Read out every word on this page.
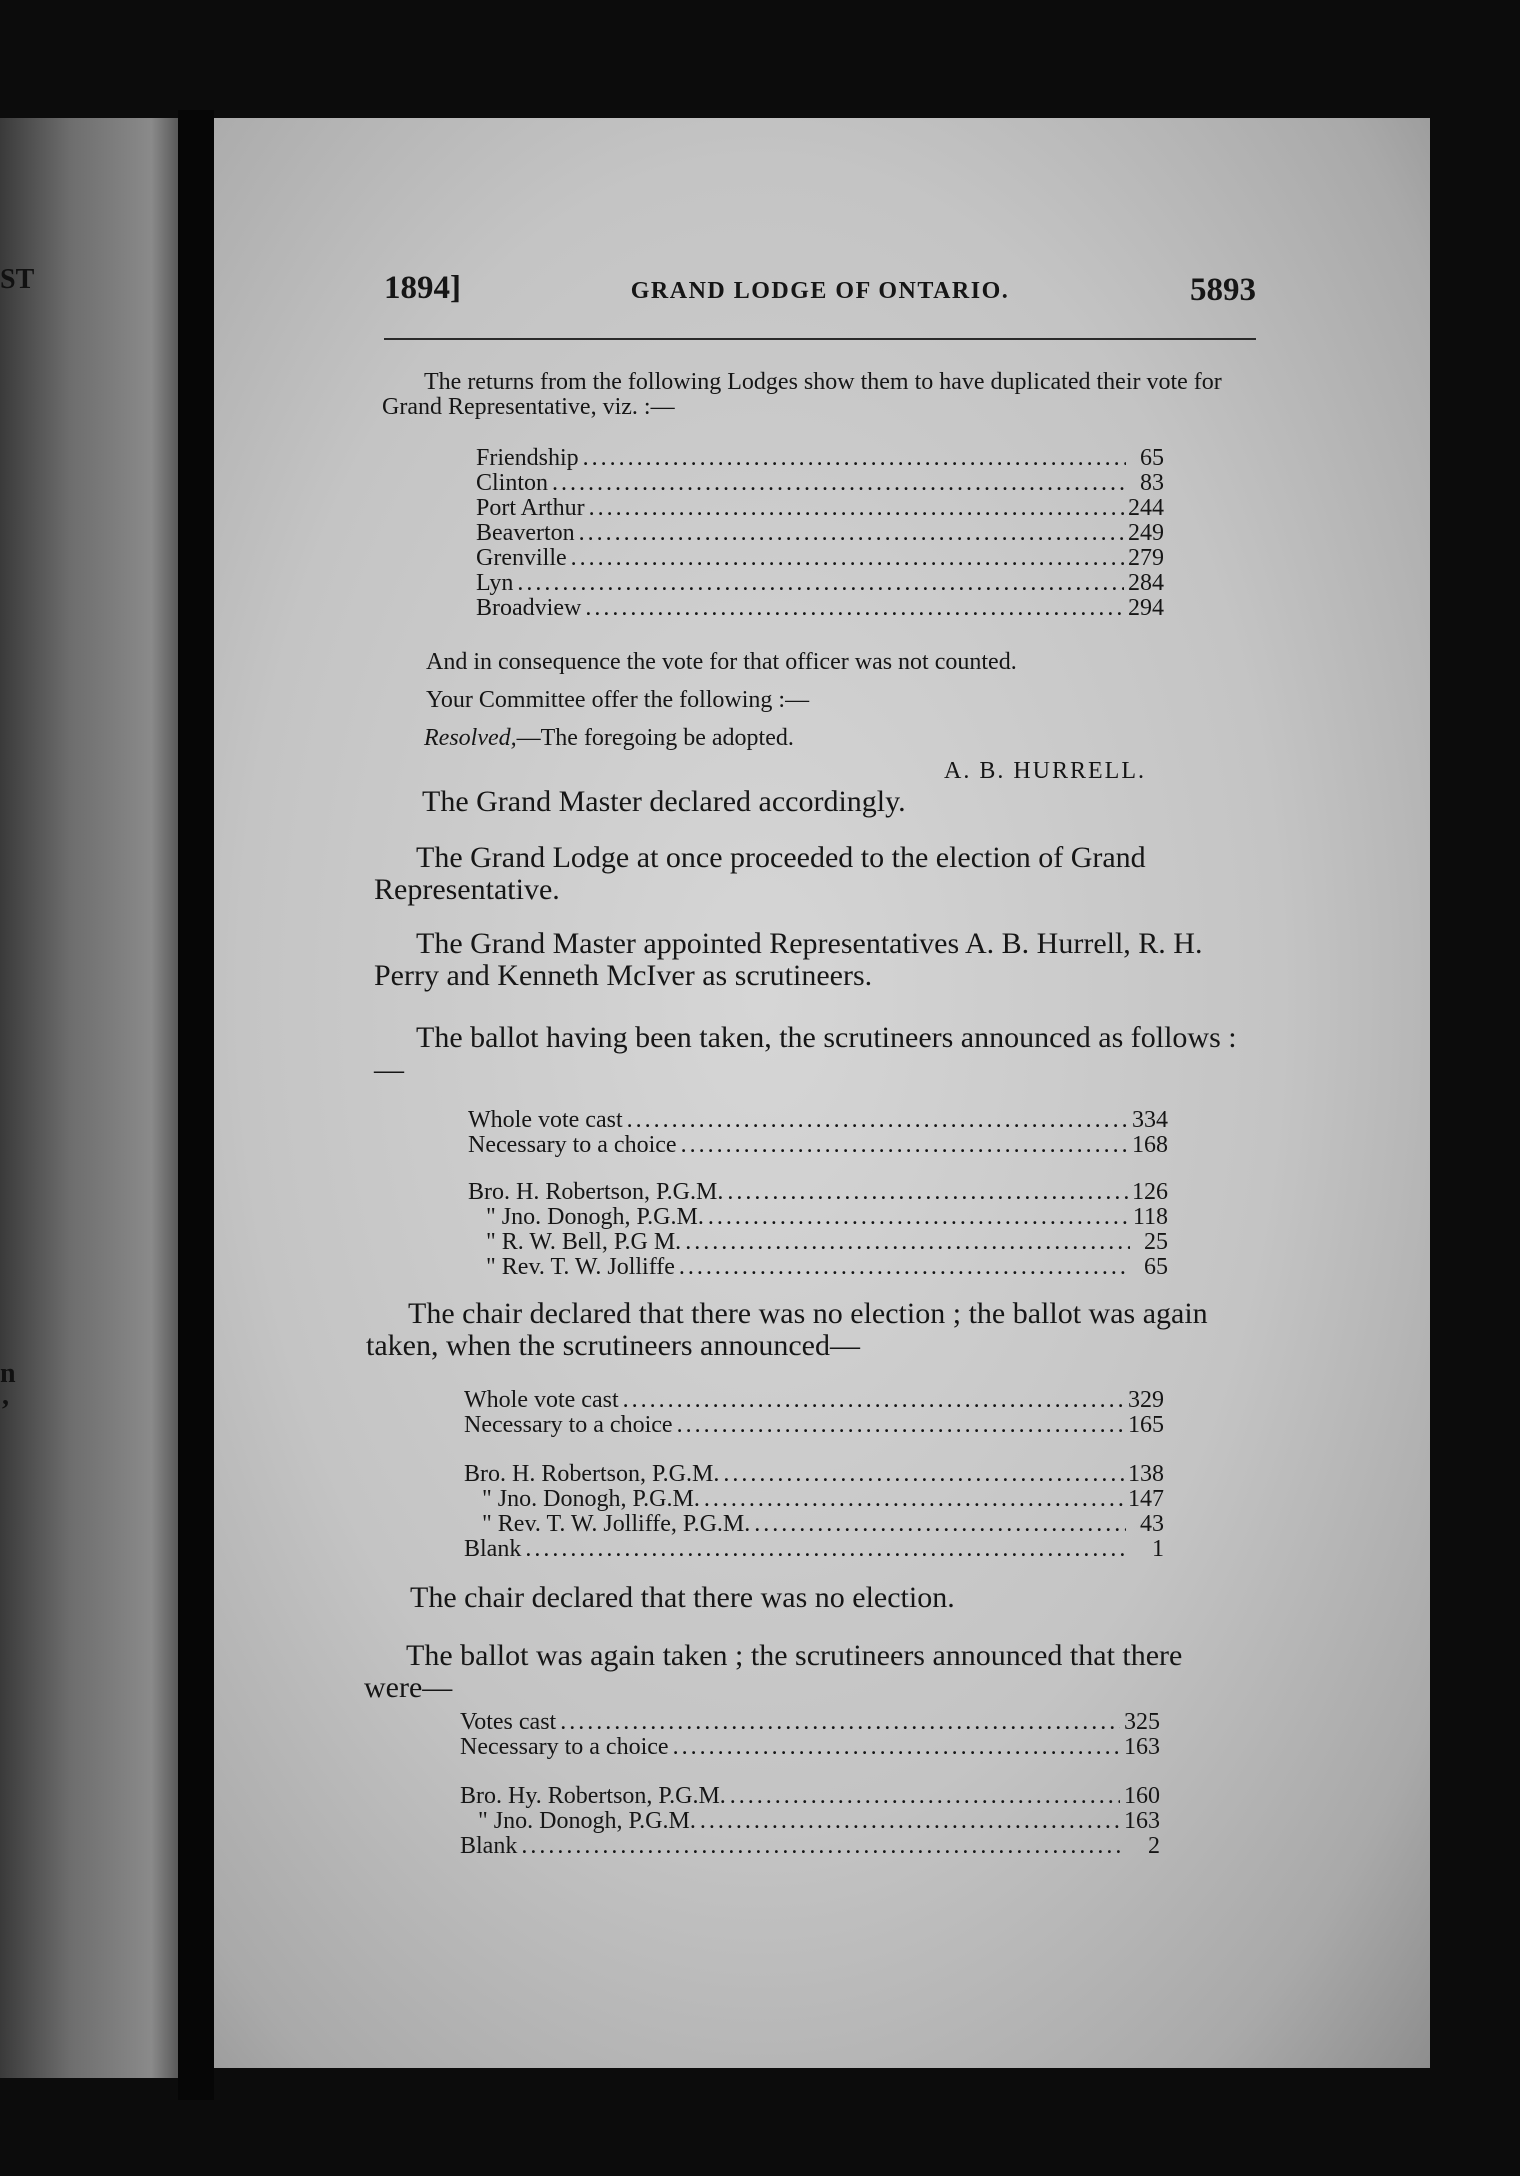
ST
n
,
1894]	GRAND LODGE OF ONTARIO.	5893
The returns from the following Lodges show them to have duplicated their vote for Grand Representative, viz. :—
Friendship .....	65
Clinton .....	83
Port Arthur .....	244
Beaverton .....	249
Grenville .....	279
Lyn .....	284
Broadview .....	294
And in consequence the vote for that officer was not counted.
Your Committee offer the following :—
Resolved,—The foregoing be adopted.
A. B. HURRELL.
The Grand Master declared accordingly.
The Grand Lodge at once proceeded to the election of Grand Representative.
The Grand Master appointed Representatives A. B. Hurrell, R. H. Perry and Kenneth McIver as scrutineers.
The ballot having been taken, the scrutineers announced as follows :—
Whole vote cast .....	334
Necessary to a choice .....	168
Bro. H. Robertson, P.G.M. .....	126
" Jno. Donogh, P.G.M. .....	118
" R. W. Bell, P.G M. .....	25
" Rev. T. W. Jolliffe .....	65
The chair declared that there was no election ; the ballot was again taken, when the scrutineers announced—
Whole vote cast .....	329
Necessary to a choice .....	165
Bro. H. Robertson, P.G.M. .....	138
" Jno. Donogh, P.G.M. .....	147
" Rev. T. W. Jolliffe, P.G.M. .....	43
Blank .....	1
The chair declared that there was no election.
The ballot was again taken ; the scrutineers announced that there were—
Votes cast .....	325
Necessary to a choice .....	163
Bro. Hy. Robertson, P.G.M. .....	160
" Jno. Donogh, P.G.M. .....	163
Blank .....	2
